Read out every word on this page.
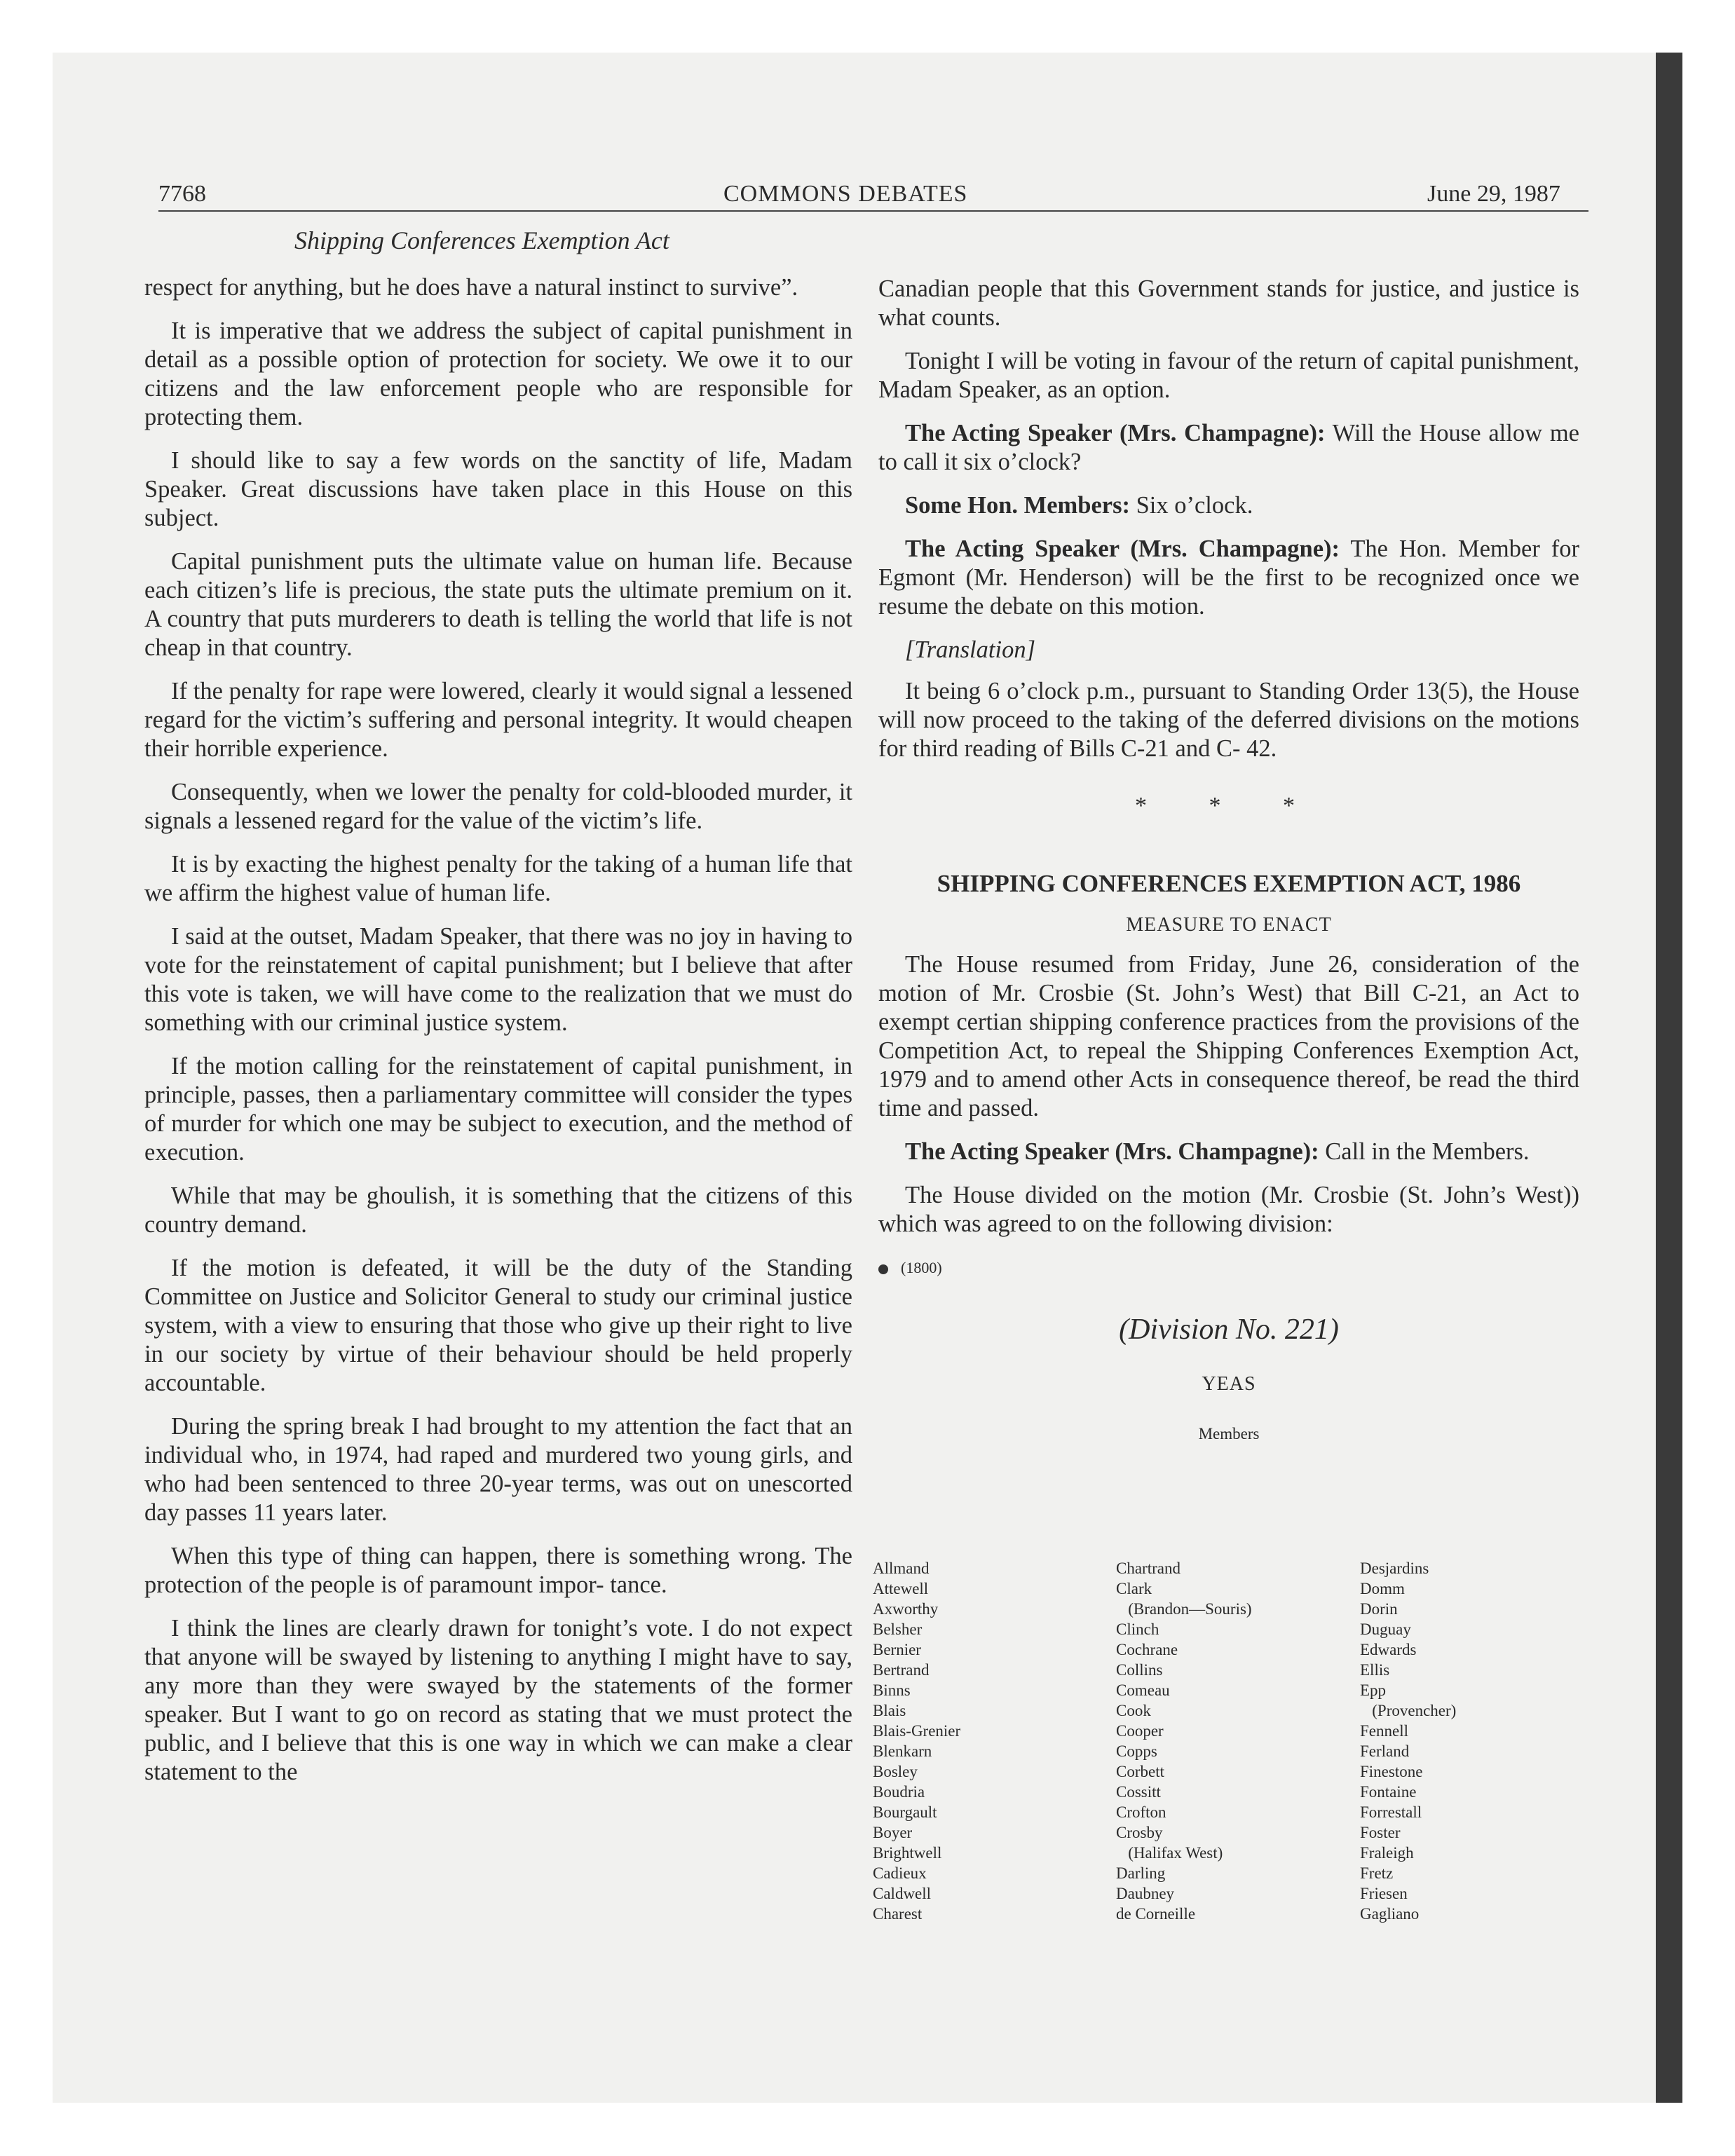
7768	COMMONS DEBATES	June 29, 1987
Shipping Conferences Exemption Act

respect for anything, but he does have a natural instinct to survive”.

It is imperative that we address the subject of capital punishment in detail as a possible option of protection for society. We owe it to our citizens and the law enforcement people who are responsible for protecting them.

I should like to say a few words on the sanctity of life, Madam Speaker. Great discussions have taken place in this House on this subject.

Capital punishment puts the ultimate value on human life. Because each citizen’s life is precious, the state puts the ultimate premium on it. A country that puts murderers to death is telling the world that life is not cheap in that country.

If the penalty for rape were lowered, clearly it would signal a lessened regard for the victim’s suffering and personal integrity. It would cheapen their horrible experience.

Consequently, when we lower the penalty for cold-blooded murder, it signals a lessened regard for the value of the victim’s life.

It is by exacting the highest penalty for the taking of a human life that we affirm the highest value of human life.

I said at the outset, Madam Speaker, that there was no joy in having to vote for the reinstatement of capital punishment; but I believe that after this vote is taken, we will have come to the realization that we must do something with our criminal justice system.

If the motion calling for the reinstatement of capital punishment, in principle, passes, then a parliamentary committee will consider the types of murder for which one may be subject to execution, and the method of execution.

While that may be ghoulish, it is something that the citizens of this country demand.

If the motion is defeated, it will be the duty of the Standing Committee on Justice and Solicitor General to study our criminal justice system, with a view to ensuring that those who give up their right to live in our society by virtue of their behaviour should be held properly accountable.

During the spring break I had brought to my attention the fact that an individual who, in 1974, had raped and murdered two young girls, and who had been sentenced to three 20-year terms, was out on unescorted day passes 11 years later.

When this type of thing can happen, there is something wrong. The protection of the people is of paramount impor- tance.

I think the lines are clearly drawn for tonight’s vote. I do not expect that anyone will be swayed by listening to anything I might have to say, any more than they were swayed by the statements of the former speaker. But I want to go on record as stating that we must protect the public, and I believe that this is one way in which we can make a clear statement to the

Canadian people that this Government stands for justice, and justice is what counts.

Tonight I will be voting in favour of the return of capital punishment, Madam Speaker, as an option.

The Acting Speaker (Mrs. Champagne): Will the House allow me to call it six o’clock?

Some Hon. Members: Six o’clock.

The Acting Speaker (Mrs. Champagne): The Hon. Member for Egmont (Mr. Henderson) will be the first to be recognized once we resume the debate on this motion.

[Translation]

It being 6 o’clock p.m., pursuant to Standing Order 13(5), the House will now proceed to the taking of the deferred divisions on the motions for third reading of Bills C-21 and C- 42.

* * *
SHIPPING CONFERENCES EXEMPTION ACT, 1986
MEASURE TO ENACT

The House resumed from Friday, June 26, consideration of the motion of Mr. Crosbie (St. John’s West) that Bill C-21, an Act to exempt certian shipping conference practices from the provisions of the Competition Act, to repeal the Shipping Conferences Exemption Act, 1979 and to amend other Acts in consequence thereof, be read the third time and passed.

The Acting Speaker (Mrs. Champagne): Call in the Members.

The House divided on the motion (Mr. Crosbie (St. John’s West)) which was agreed to on the following division:

(1800)
(Division No. 221)
YEAS
Members
Allmand
Attewell
Axworthy
Belsher
Bernier
Bertrand
Binns
Blais
Blais-Grenier
Blenkarn
Bosley
Boudria
Bourgault
Boyer
Brightwell
Cadieux
Caldwell
Charest
Chartrand
Clark
(Brandon—Souris)
Clinch
Cochrane
Collins
Comeau
Cook
Cooper
Copps
Corbett
Cossitt
Crofton
Crosby
(Halifax West)
Darling
Daubney
de Corneille
Desjardins
Domm
Dorin
Duguay
Edwards
Ellis
Epp
(Provencher)
Fennell
Ferland
Finestone
Fontaine
Forrestall
Foster
Fraleigh
Fretz
Friesen
Gagliano
